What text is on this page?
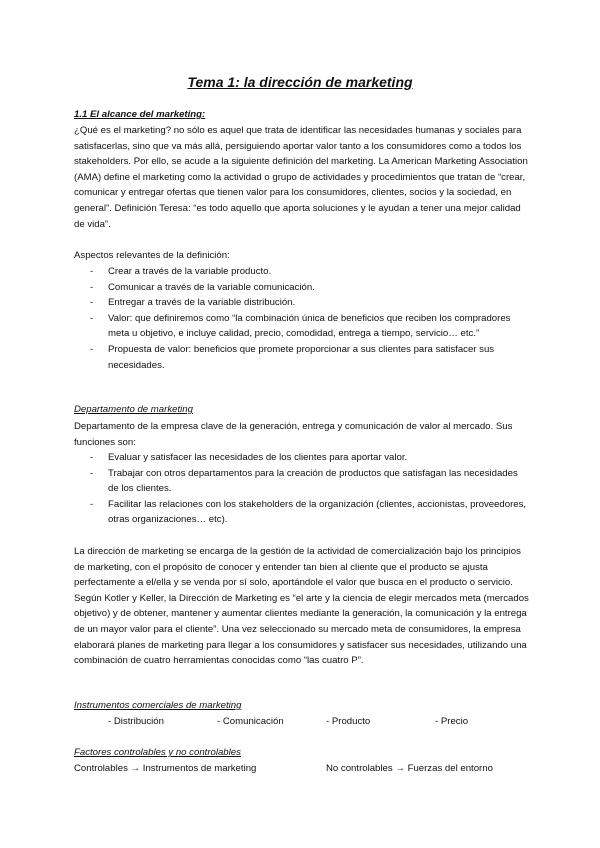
Tema 1: la dirección de marketing
1.1 El alcance del marketing:
¿Qué es el marketing? no sólo es aquel que trata de identificar las necesidades humanas y sociales para satisfacerlas, sino que va más allá, persiguiendo aportar valor tanto a los consumidores como a todos los stakeholders. Por ello, se acude a la siguiente definición del marketing. La American Marketing Association (AMA) define el marketing como la actividad o grupo de actividades y procedimientos que tratan de “crear, comunicar y entregar ofertas que tienen valor para los consumidores, clientes, socios y la sociedad, en general”. Definición Teresa: “es todo aquello que aporta soluciones y le ayudan a tener una mejor calidad de vida”.
Aspectos relevantes de la definición:
- Crear a través de la variable producto.
- Comunicar a través de la variable comunicación.
- Entregar a través de la variable distribución.
- Valor: que definiremos como “la combinación única de beneficios que reciben los compradores meta u objetivo, e incluye calidad, precio, comodidad, entrega a tiempo, servicio… etc.”
- Propuesta de valor: beneficios que promete proporcionar a sus clientes para satisfacer sus necesidades.
Departamento de marketing
Departamento de la empresa clave de la generación, entrega y comunicación de valor al mercado. Sus funciones son:
- Evaluar y satisfacer las necesidades de los clientes para aportar valor.
- Trabajar con otros departamentos para la creación de productos que satisfagan las necesidades de los clientes.
- Facilitar las relaciones con los stakeholders de la organización (clientes, accionistas, proveedores, otras organizaciones… etc).
La dirección de marketing se encarga de la gestión de la actividad de comercialización bajo los principios de marketing, con el propósito de conocer y entender tan bien al cliente que el producto se ajusta perfectamente a el/ella y se venda por sí solo, aportándole el valor que busca en el producto o servicio. Según Kotler y Keller, la Dirección de Marketing es “el arte y la ciencia de elegir mercados meta (mercados objetivo) y de obtener, mantener y aumentar clientes mediante la generación, la comunicación y la entrega de un mayor valor para el cliente”. Una vez seleccionado su mercado meta de consumidores, la empresa elaborará planes de marketing para llegar a los consumidores y satisfacer sus necesidades, utilizando una combinación de cuatro herramientas conocidas como “las cuatro P”.
Instrumentos comerciales de marketing
- Distribución	- Comunicación	- Producto	- Precio
Factores controlables y no controlables
Controlables → Instrumentos de marketing	No controlables → Fuerzas del entorno
